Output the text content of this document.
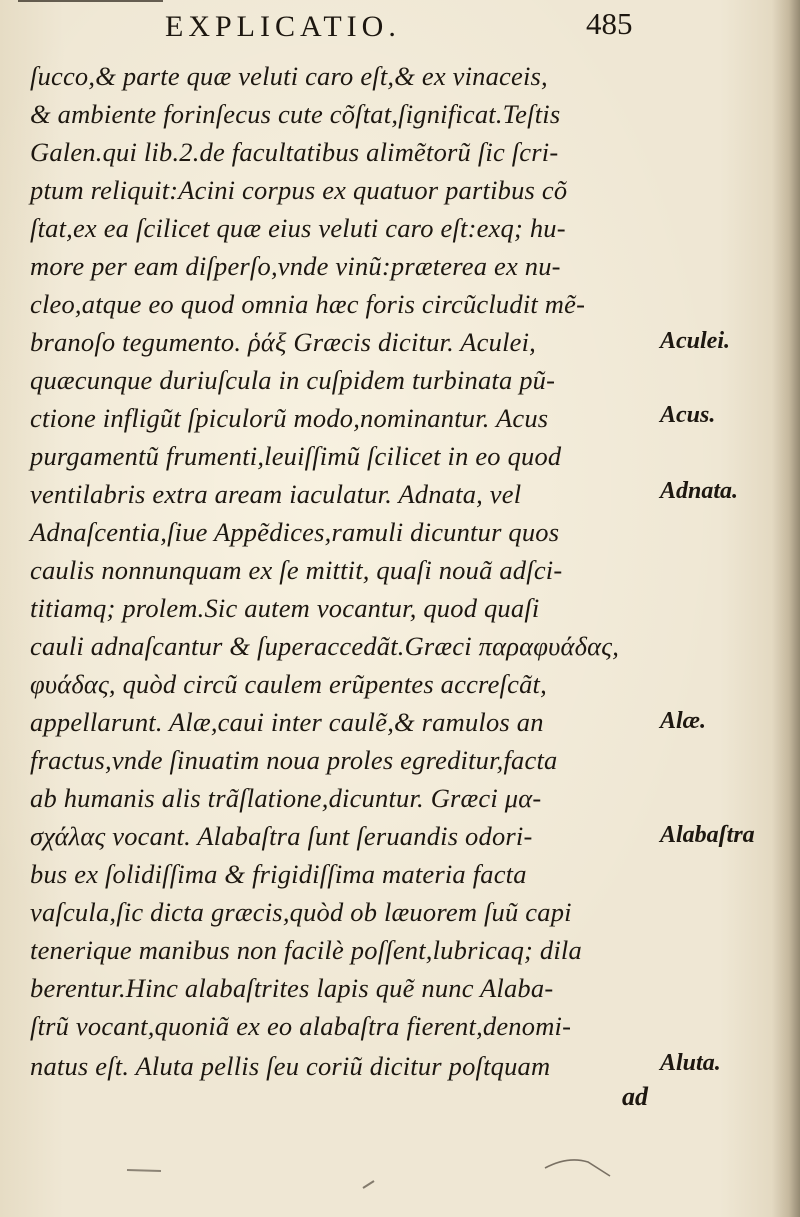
EXPLICATIO.	485
ſucco,& parte quæ veluti caro eſt,& ex vinaceis,
& ambiente forinſecus cute cõſtat,ſignificat.Teſtis
Galen.qui lib.2.de facultatibus alimẽtorũ ſic ſcri-
ptum reliquit:Acini corpus ex quatuor partibus cõ
ſtat,ex ea ſcilicet quæ eius veluti caro eſt:exq; hu-
more per eam diſperſo,vnde vinũ:prætereа ex nu-
cleo,atque eo quod omnia hæc foris circũcludit mẽ-
branoſo tegumento. ῥάξ Græcis dicitur. Aculei,
quæcunque duriuſcula in cuſpidem turbinata pũ-
ctione infligũt ſpiculorũ modo,nominantur. Acus
purgamentũ frumenti,leuiſſimũ ſcilicet in eo quod
ventilabris extra aream iaculatur. Adnata, vel
Adnaſcentia,ſiue Appẽdices,ramuli dicuntur quos
caulis nonnunquam ex ſe mittit, quaſi nouã adſci-
titiamq; prolem.Sic autem vocantur, quod quaſi
cauli adnaſcantur & ſuperaccedãt.Græci παραφυάδας,
φυάδας, quòd circũ caulem erũpentes accreſcãt,
appellarunt. Alæ,caui inter caulẽ,& ramulos an
fractus,vnde ſinuatim noua proles egreditur,facta
ab humanis alis trãſlatione,dicuntur. Græci μα-
σχάλας vocant. Alabaſtra ſunt ſeruandis odori-
bus ex ſolidiſſima & frigidiſſima materia facta
vaſcula,ſic dicta græcis,quòd ob læuorem ſuũ capi
tenerique manibus non facilè poſſent,lubricaq; dila
berentur.Hinc alabaſtrites lapis quẽ nunc Alaba-
ſtrũ vocant,quoniã ex eo alabaſtra fierent,denomi-
natus eſt. Aluta pellis ſeu coriũ dicitur poſtquam
Aculei.
Acus.
Adnata.
Alæ.
Alabaſtra
Aluta.
ad
